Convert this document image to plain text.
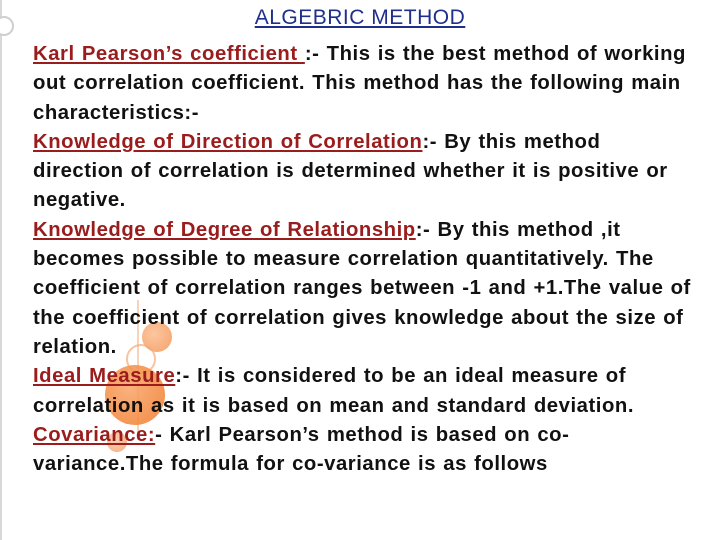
ALGEBRIC METHOD

Karl Pearson’s coefficient :- This is the best method of working out correlation coefficient. This method has the following main characteristics:-

Knowledge of Direction of Correlation:- By this method direction of correlation is determined whether it is positive or negative.

Knowledge of Degree of Relationship:- By this method ,it becomes possible to measure correlation quantitatively. The coefficient of correlation ranges between -1 and +1.The value of the coefficient of correlation gives knowledge about the size of relation.

Ideal Measure:- It is considered to be an ideal measure of correlation as it is based on mean and standard deviation.

Covariance:- Karl Pearson’s method is based on co-variance.The formula for co-variance is as follows
